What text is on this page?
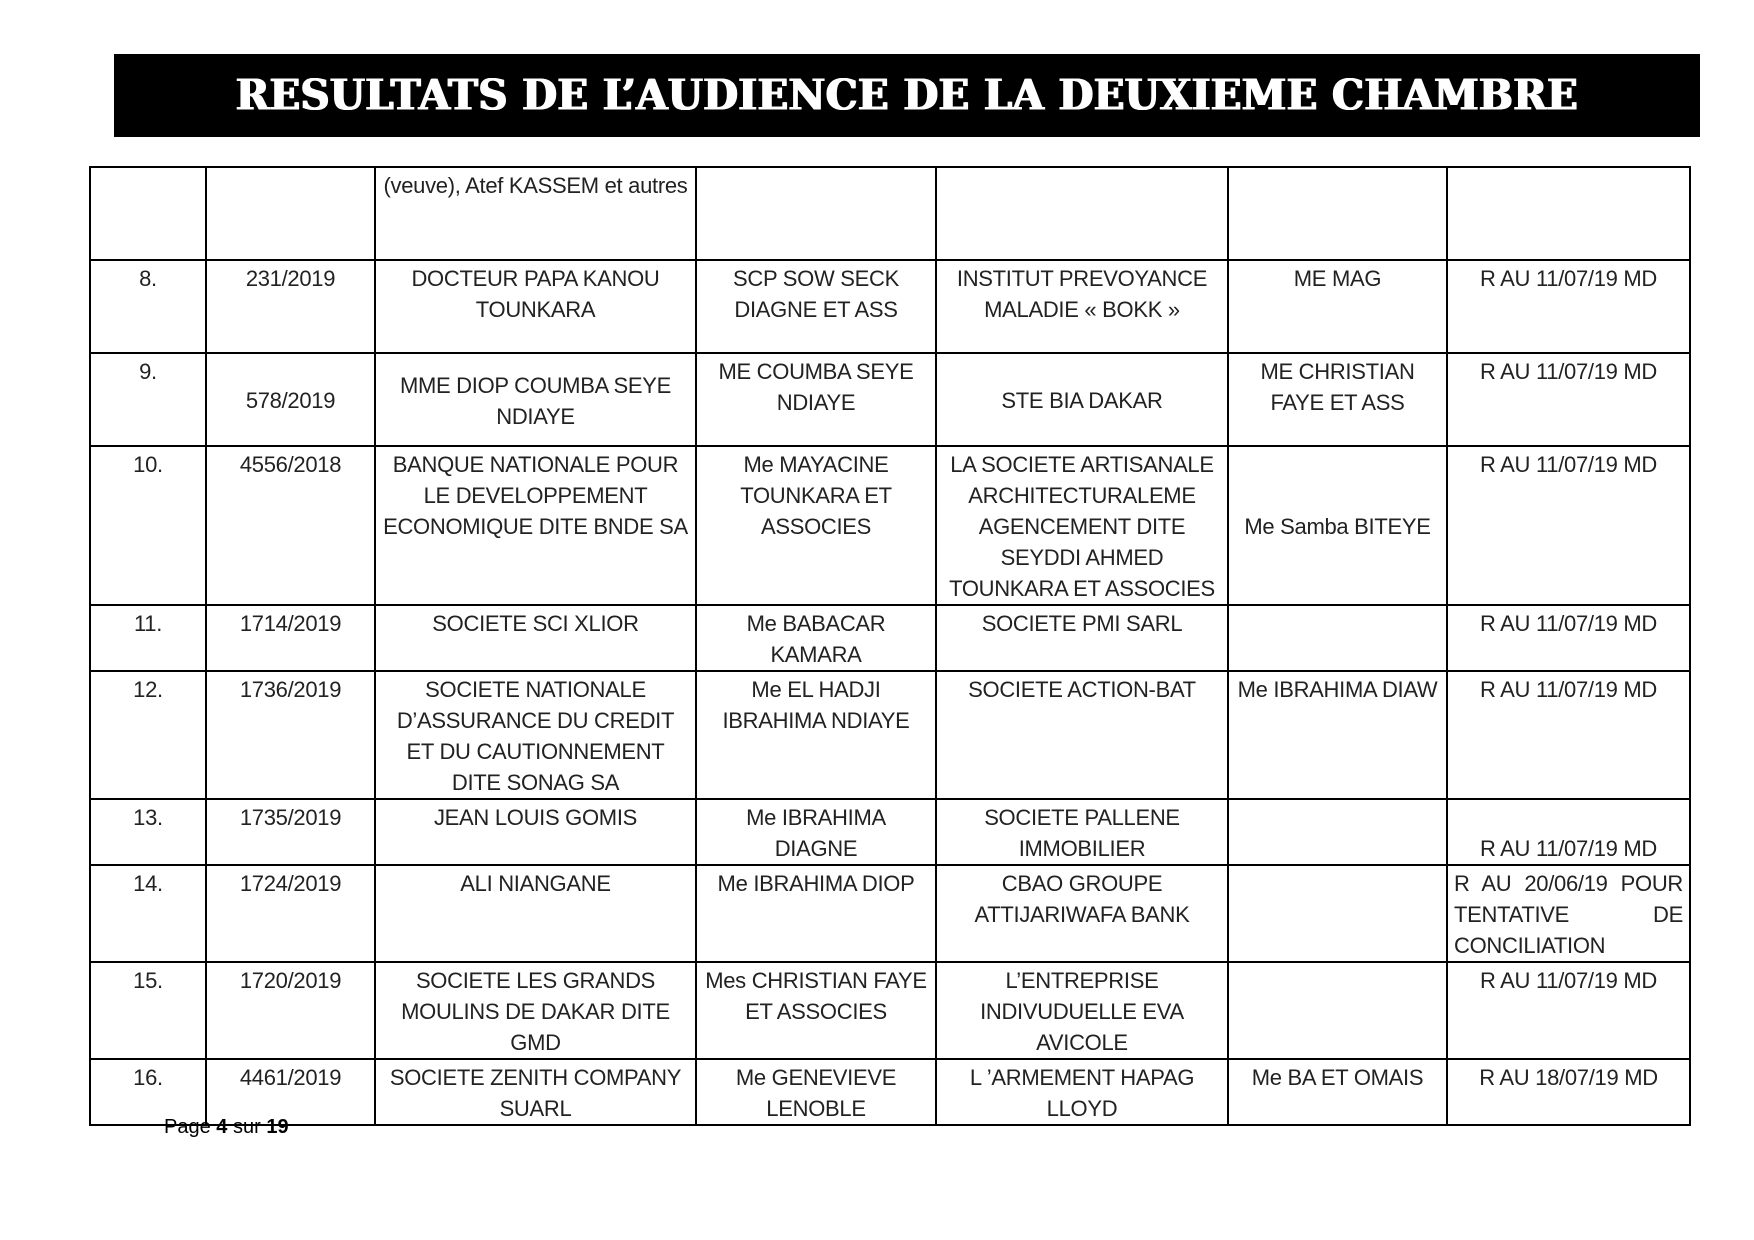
RESULTATS DE L’AUDIENCE DE LA DEUXIEME CHAMBRE
		(veuve), Atef KASSEM et autres				
8.	231/2019	DOCTEUR PAPA KANOU TOUNKARA	SCP SOW SECK DIAGNE ET ASS	INSTITUT PREVOYANCE MALADIE « BOKK »	ME MAG	R AU 11/07/19 MD
9.	578/2019	MME DIOP COUMBA SEYE NDIAYE	ME COUMBA SEYE NDIAYE	STE BIA DAKAR	ME CHRISTIAN FAYE ET ASS	R AU 11/07/19 MD
10.	4556/2018	BANQUE NATIONALE POUR LE DEVELOPPEMENT ECONOMIQUE DITE BNDE SA	Me MAYACINE TOUNKARA ET ASSOCIES	LA SOCIETE ARTISANALE ARCHITECTURALEME AGENCEMENT DITE SEYDDI AHMED TOUNKARA ET ASSOCIES	Me Samba BITEYE	R AU 11/07/19 MD
11.	1714/2019	SOCIETE SCI XLIOR	Me BABACAR KAMARA	SOCIETE PMI SARL		R AU 11/07/19 MD
12.	1736/2019	SOCIETE NATIONALE D’ASSURANCE DU CREDIT ET DU CAUTIONNEMENT DITE SONAG SA	Me EL HADJI IBRAHIMA NDIAYE	SOCIETE ACTION-BAT	Me IBRAHIMA DIAW	R AU 11/07/19 MD
13.	1735/2019	JEAN LOUIS GOMIS	Me IBRAHIMA DIAGNE	SOCIETE PALLENE IMMOBILIER		R AU 11/07/19 MD
14.	1724/2019	ALI NIANGANE	Me IBRAHIMA DIOP	CBAO GROUPE ATTIJARIWAFA BANK		R AU 20/06/19 POUR TENTATIVE DE CONCILIATION
15.	1720/2019	SOCIETE LES GRANDS MOULINS DE DAKAR DITE GMD	Mes CHRISTIAN FAYE ET ASSOCIES	L’ENTREPRISE INDIVUDUELLE EVA AVICOLE		R AU 11/07/19 MD
16.	4461/2019	SOCIETE ZENITH COMPANY SUARL	Me GENEVIEVE LENOBLE	L ’ARMEMENT HAPAG LLOYD	Me BA ET OMAIS	R AU 18/07/19 MD
Page 4 sur 19
